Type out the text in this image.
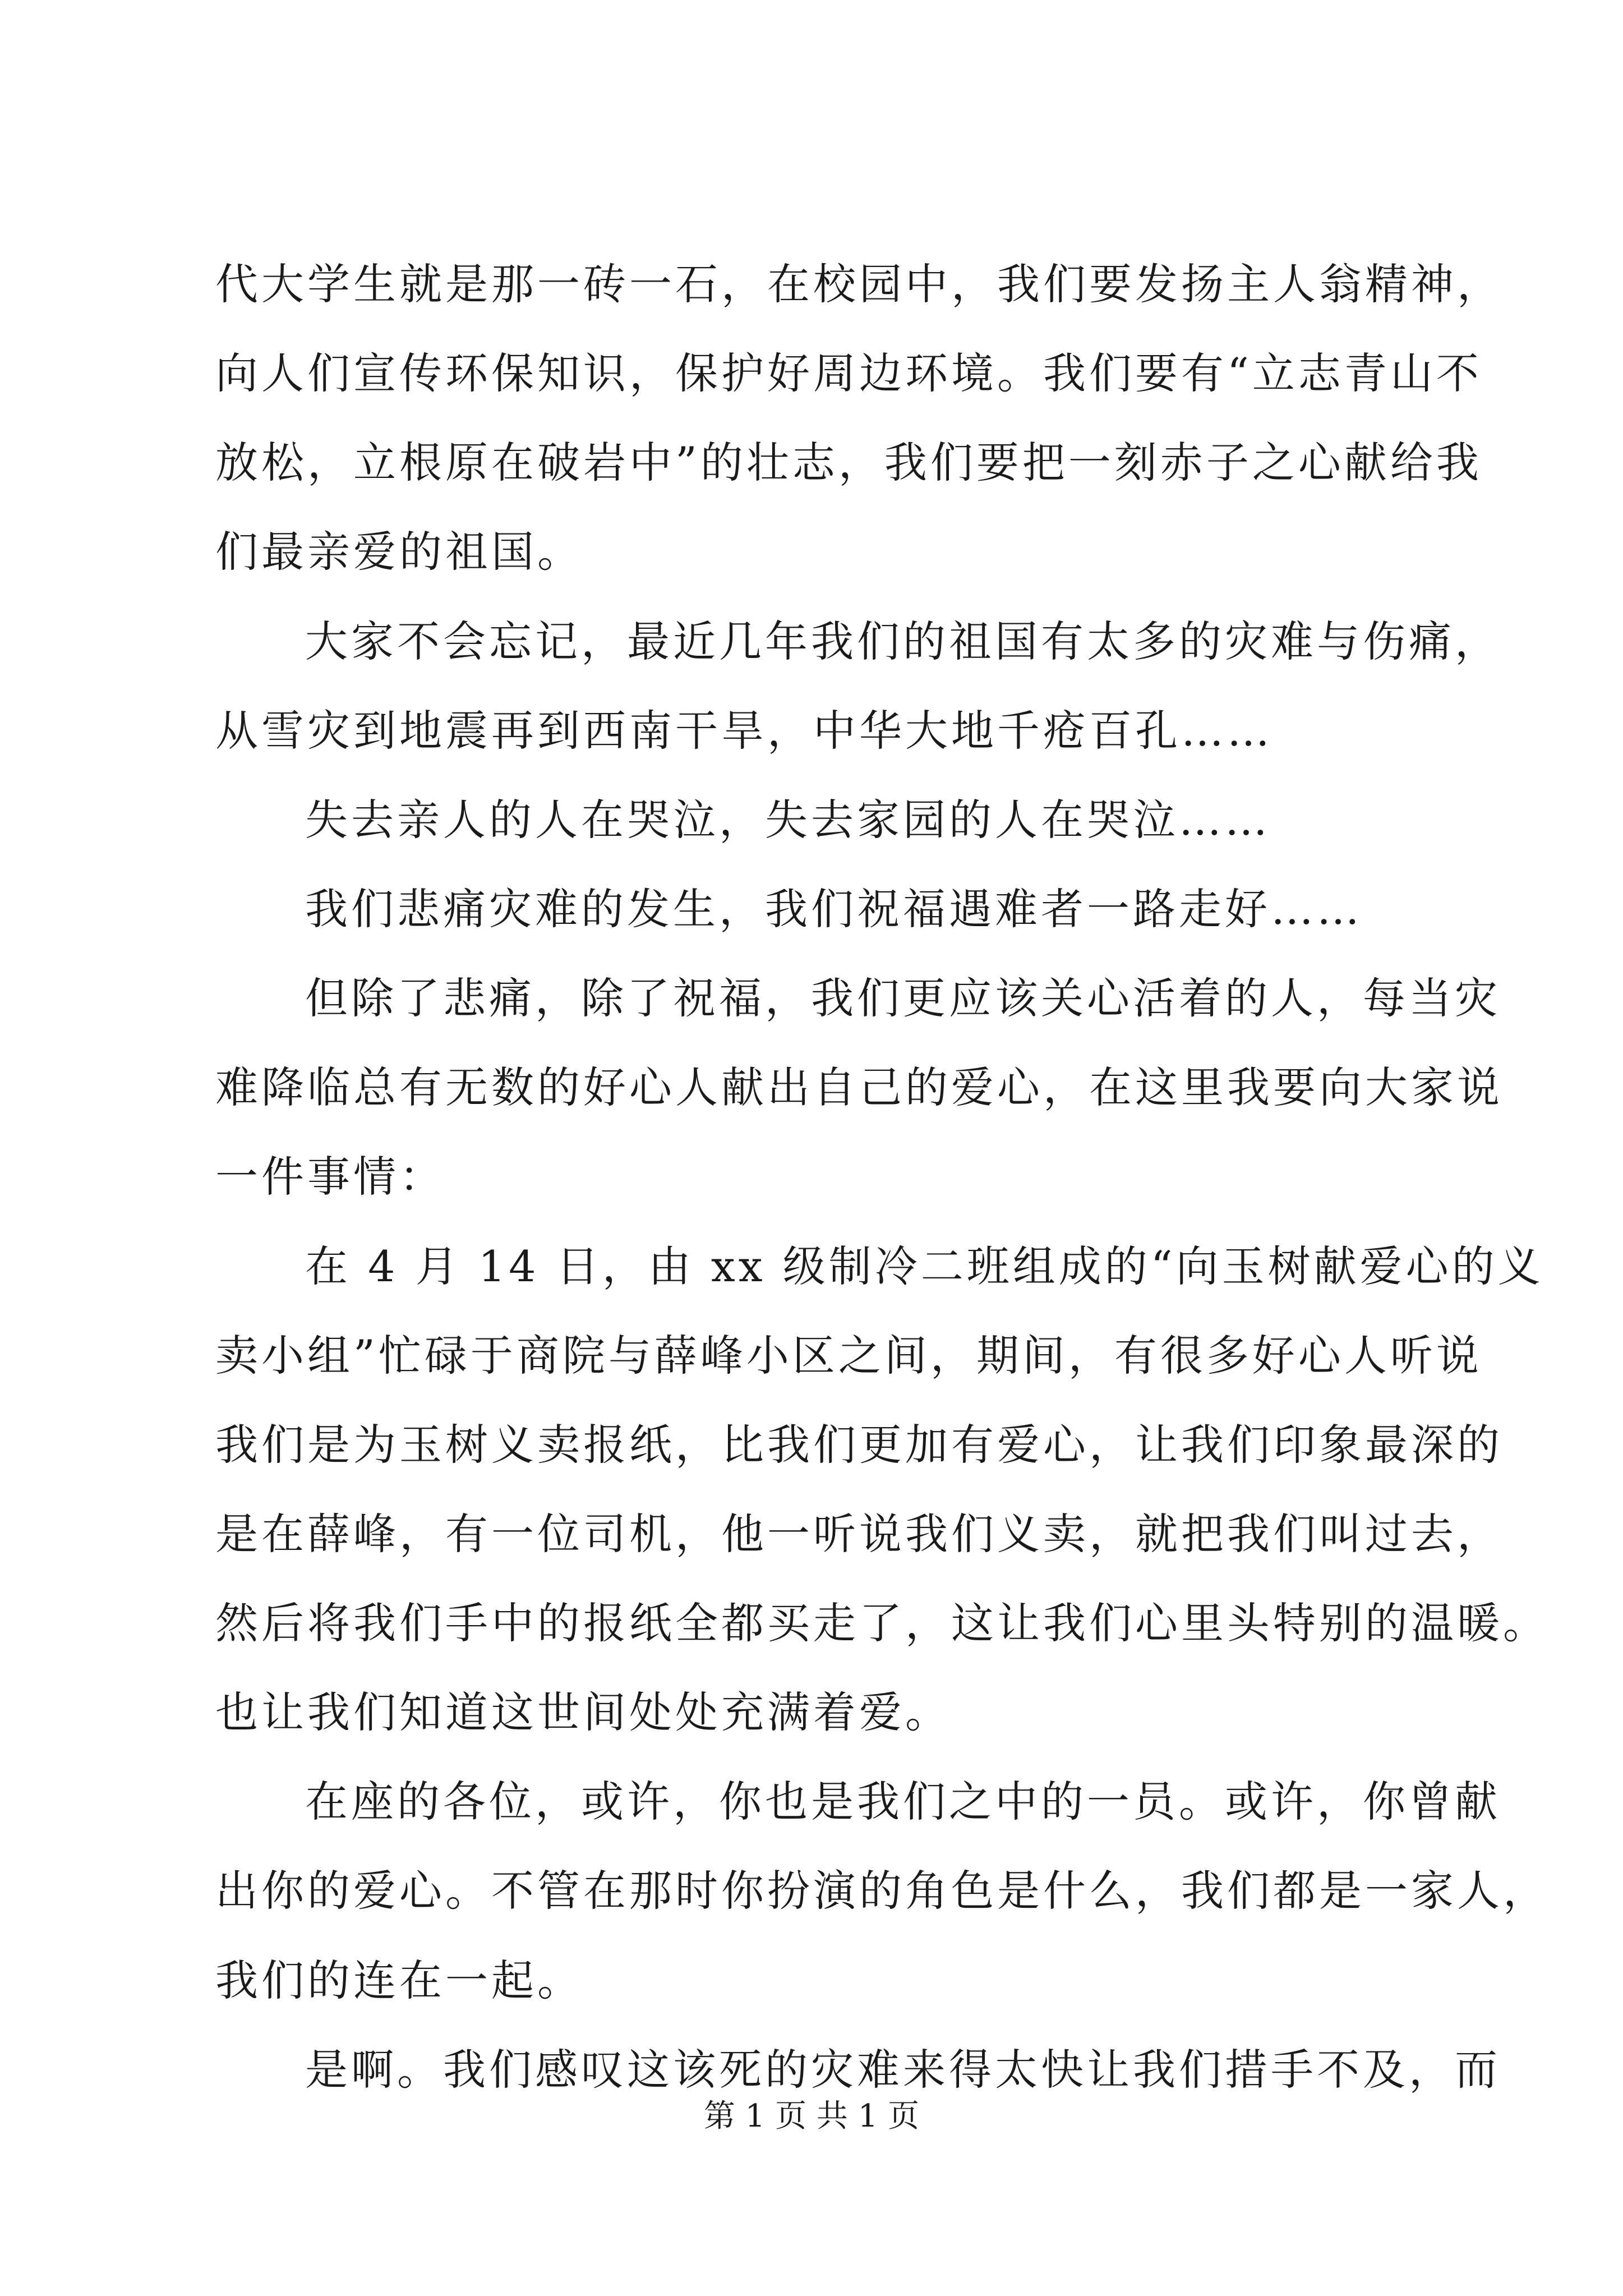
代大学生就是那一砖一石，在校园中，我们要发扬主人翁精神，
向人们宣传环保知识，保护好周边环境。我们要有“立志青山不
放松，立根原在破岩中”的壮志，我们要把一刻赤子之心献给我
们最亲爱的祖国。
大家不会忘记，最近几年我们的祖国有太多的灾难与伤痛，
从雪灾到地震再到西南干旱，中华大地千疮百孔……
失去亲人的人在哭泣，失去家园的人在哭泣……
我们悲痛灾难的发生，我们祝福遇难者一路走好……
但除了悲痛，除了祝福，我们更应该关心活着的人，每当灾
难降临总有无数的好心人献出自己的爱心，在这里我要向大家说
一件事情：
在 4 月 14 日，由 xx 级制冷二班组成的“向玉树献爱心的义
卖小组”忙碌于商院与薛峰小区之间，期间，有很多好心人听说
我们是为玉树义卖报纸，比我们更加有爱心，让我们印象最深的
是在薛峰，有一位司机，他一听说我们义卖，就把我们叫过去，
然后将我们手中的报纸全都买走了，这让我们心里头特别的温暖。
也让我们知道这世间处处充满着爱。
在座的各位，或许，你也是我们之中的一员。或许，你曾献
出你的爱心。不管在那时你扮演的角色是什么，我们都是一家人，
我们的连在一起。
是啊。我们感叹这该死的灾难来得太快让我们措手不及，而
第 1 页 共 1 页
